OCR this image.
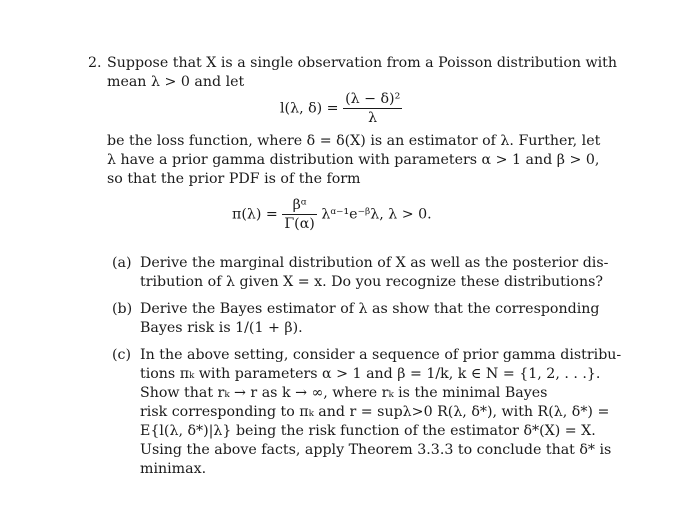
2. Suppose that X is a single observation from a Poisson distribution with
mean λ > 0 and let
l(λ, $\delta) = \frac{\text{(λ − δ)²}}{\lambda}$
be the loss function, where δ = δ(X) is an estimator of λ. Further, let
λ have a prior gamma distribution with parameters α > 1 and β > 0,
so that the prior PDF is of the form
$\pi(\lambda) = \frac{\text{βᵅ}}{\Gamma(\alpha)}$ λᵅ⁻¹e⁻ᵝλ, λ > 0.
(a) Derive the marginal distribution of X as well as the posterior dis-
tribution of λ given X = x. Do you recognize these distributions?
(b) Derive the Bayes estimator of λ as show that the corresponding
Bayes risk is 1/(1 + β).
(c) In the above setting, consider a sequence of prior gamma distribu-
tions πₖ with parameters α > 1 and β = 1/k, k ∈ N = {1, 2, . . .}.
Show that rₖ → r as k → ∞, where rₖ is the minimal Bayes
risk corresponding to πₖ and r = supλ>0 R(λ, δ*), with R(λ, δ*) =
E{l(λ, δ*)|λ} being the risk function of the estimator δ*(X) = X.
Using the above facts, apply Theorem 3.3.3 to conclude that δ* is
minimax.
